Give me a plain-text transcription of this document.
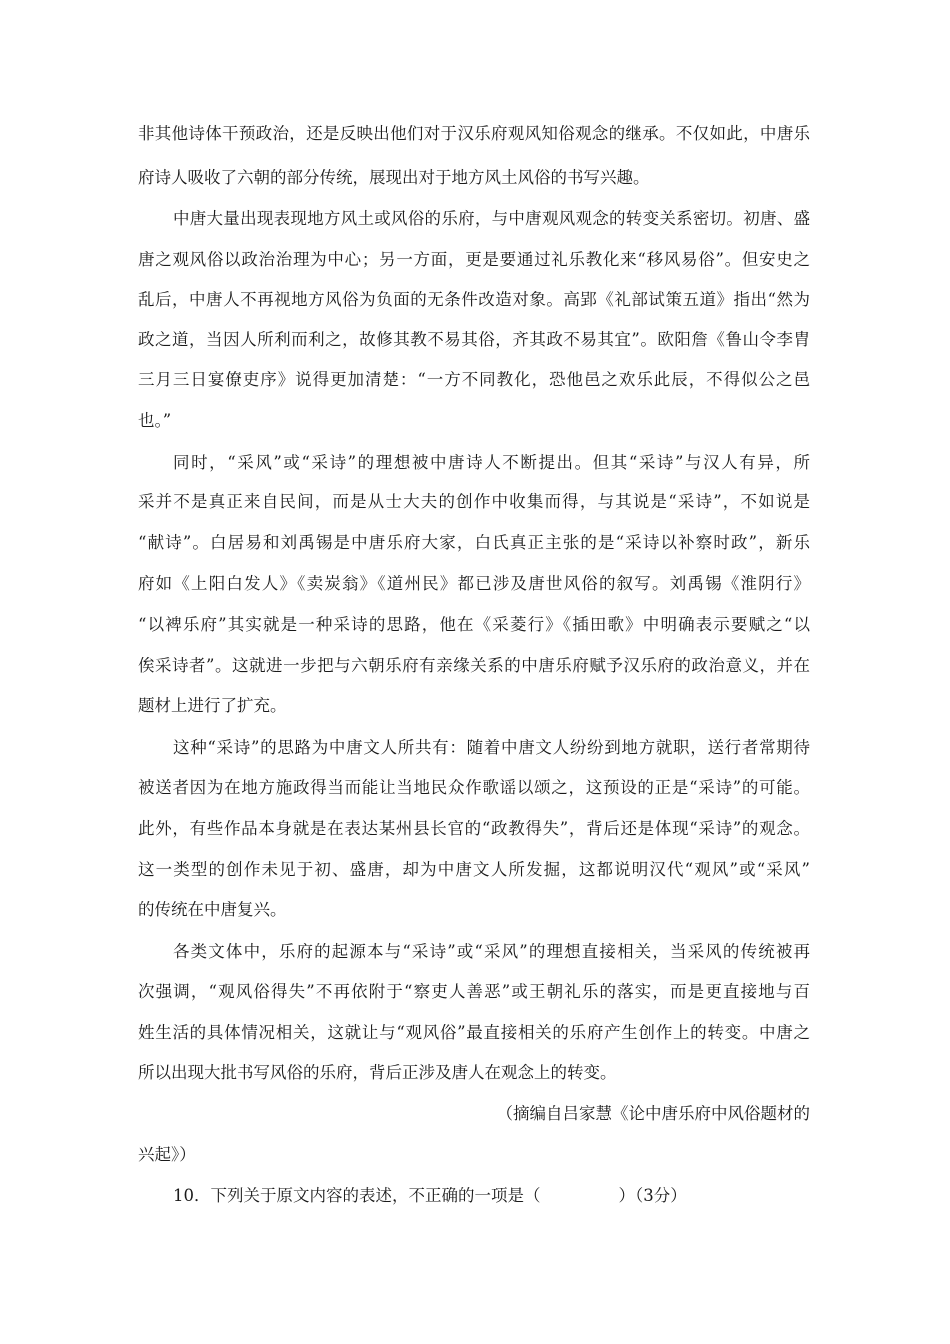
非其他诗体干预政治，还是反映出他们对于汉乐府观风知俗观念的继承。不仅如此，中唐乐
府诗人吸收了六朝的部分传统，展现出对于地方风土风俗的书写兴趣。
中唐大量出现表现地方风土或风俗的乐府，与中唐观风观念的转变关系密切。初唐、盛
唐之观风俗以政治治理为中心；另一方面，更是要通过礼乐教化来“移风易俗”。但安史之
乱后，中唐人不再视地方风俗为负面的无条件改造对象。高郢《礼部试策五道》指出“然为
政之道，当因人所利而利之，故修其教不易其俗，齐其政不易其宜”。欧阳詹《鲁山令李胄
三月三日宴僚吏序》说得更加清楚：“一方不同教化，恐他邑之欢乐此辰，不得似公之邑
也。”
同时，“采风”或“采诗”的理想被中唐诗人不断提出。但其“采诗”与汉人有异，所
采并不是真正来自民间，而是从士大夫的创作中收集而得，与其说是“采诗”，不如说是
“献诗”。白居易和刘禹锡是中唐乐府大家，白氏真正主张的是“采诗以补察时政”，新乐
府如《上阳白发人》《卖炭翁》《道州民》都已涉及唐世风俗的叙写。刘禹锡《淮阴行》
“以裨乐府”其实就是一种采诗的思路，他在《采菱行》《插田歌》中明确表示要赋之“以
俟采诗者”。这就进一步把与六朝乐府有亲缘关系的中唐乐府赋予汉乐府的政治意义，并在
题材上进行了扩充。
这种“采诗”的思路为中唐文人所共有：随着中唐文人纷纷到地方就职，送行者常期待
被送者因为在地方施政得当而能让当地民众作歌谣以颂之，这预设的正是“采诗”的可能。
此外，有些作品本身就是在表达某州县长官的“政教得失”，背后还是体现“采诗”的观念。
这一类型的创作未见于初、盛唐，却为中唐文人所发掘，这都说明汉代“观风”或“采风”
的传统在中唐复兴。
各类文体中，乐府的起源本与“采诗”或“采风”的理想直接相关，当采风的传统被再
次强调，“观风俗得失”不再依附于“察吏人善恶”或王朝礼乐的落实，而是更直接地与百
姓生活的具体情况相关，这就让与“观风俗”最直接相关的乐府产生创作上的转变。中唐之
所以出现大批书写风俗的乐府，背后正涉及唐人在观念上的转变。
（摘编自吕家慧《论中唐乐府中风俗题材的
兴起》）
10．下列关于原文内容的表述，不正确的一项是（	）（3分）
